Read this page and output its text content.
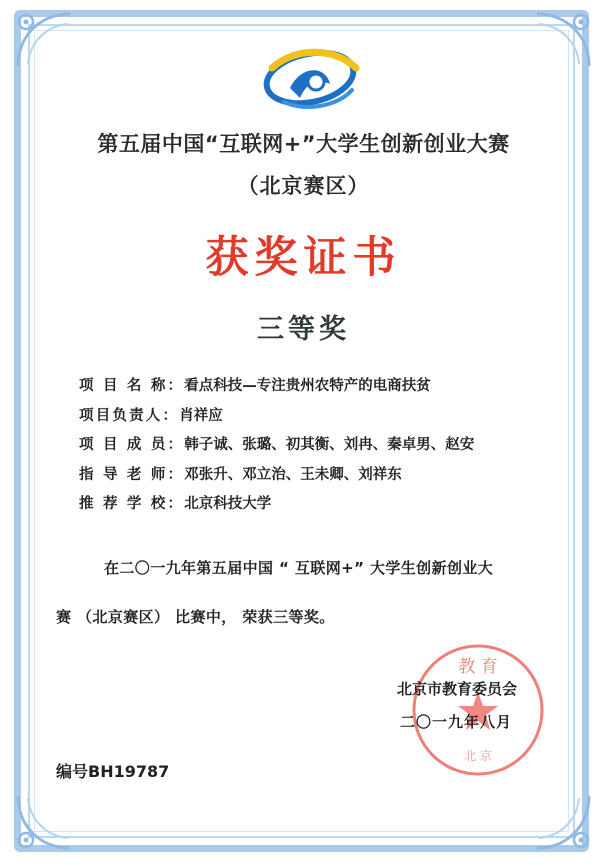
第五届中国“互联网+”大学生创新创业大赛
（北京赛区）
获奖证书
三等奖
项 目 名 称：看点科技—专注贵州农特产的电商扶贫
项目负责人：肖祥应
项 目 成 员：韩子诚、张璐、初其衡、刘冉、秦卓男、赵安
指 导 老 师：邓张升、邓立治、王未卿、刘祥东
推 荐 学 校：北京科技大学
在二〇一九年第五届中国 “ 互联网+” 大学生创新创业大
赛 （北京赛区） 比赛中， 荣获三等奖。
教 育
北 京
北京市教育委员会
二〇一九年八月
编号BH19787
